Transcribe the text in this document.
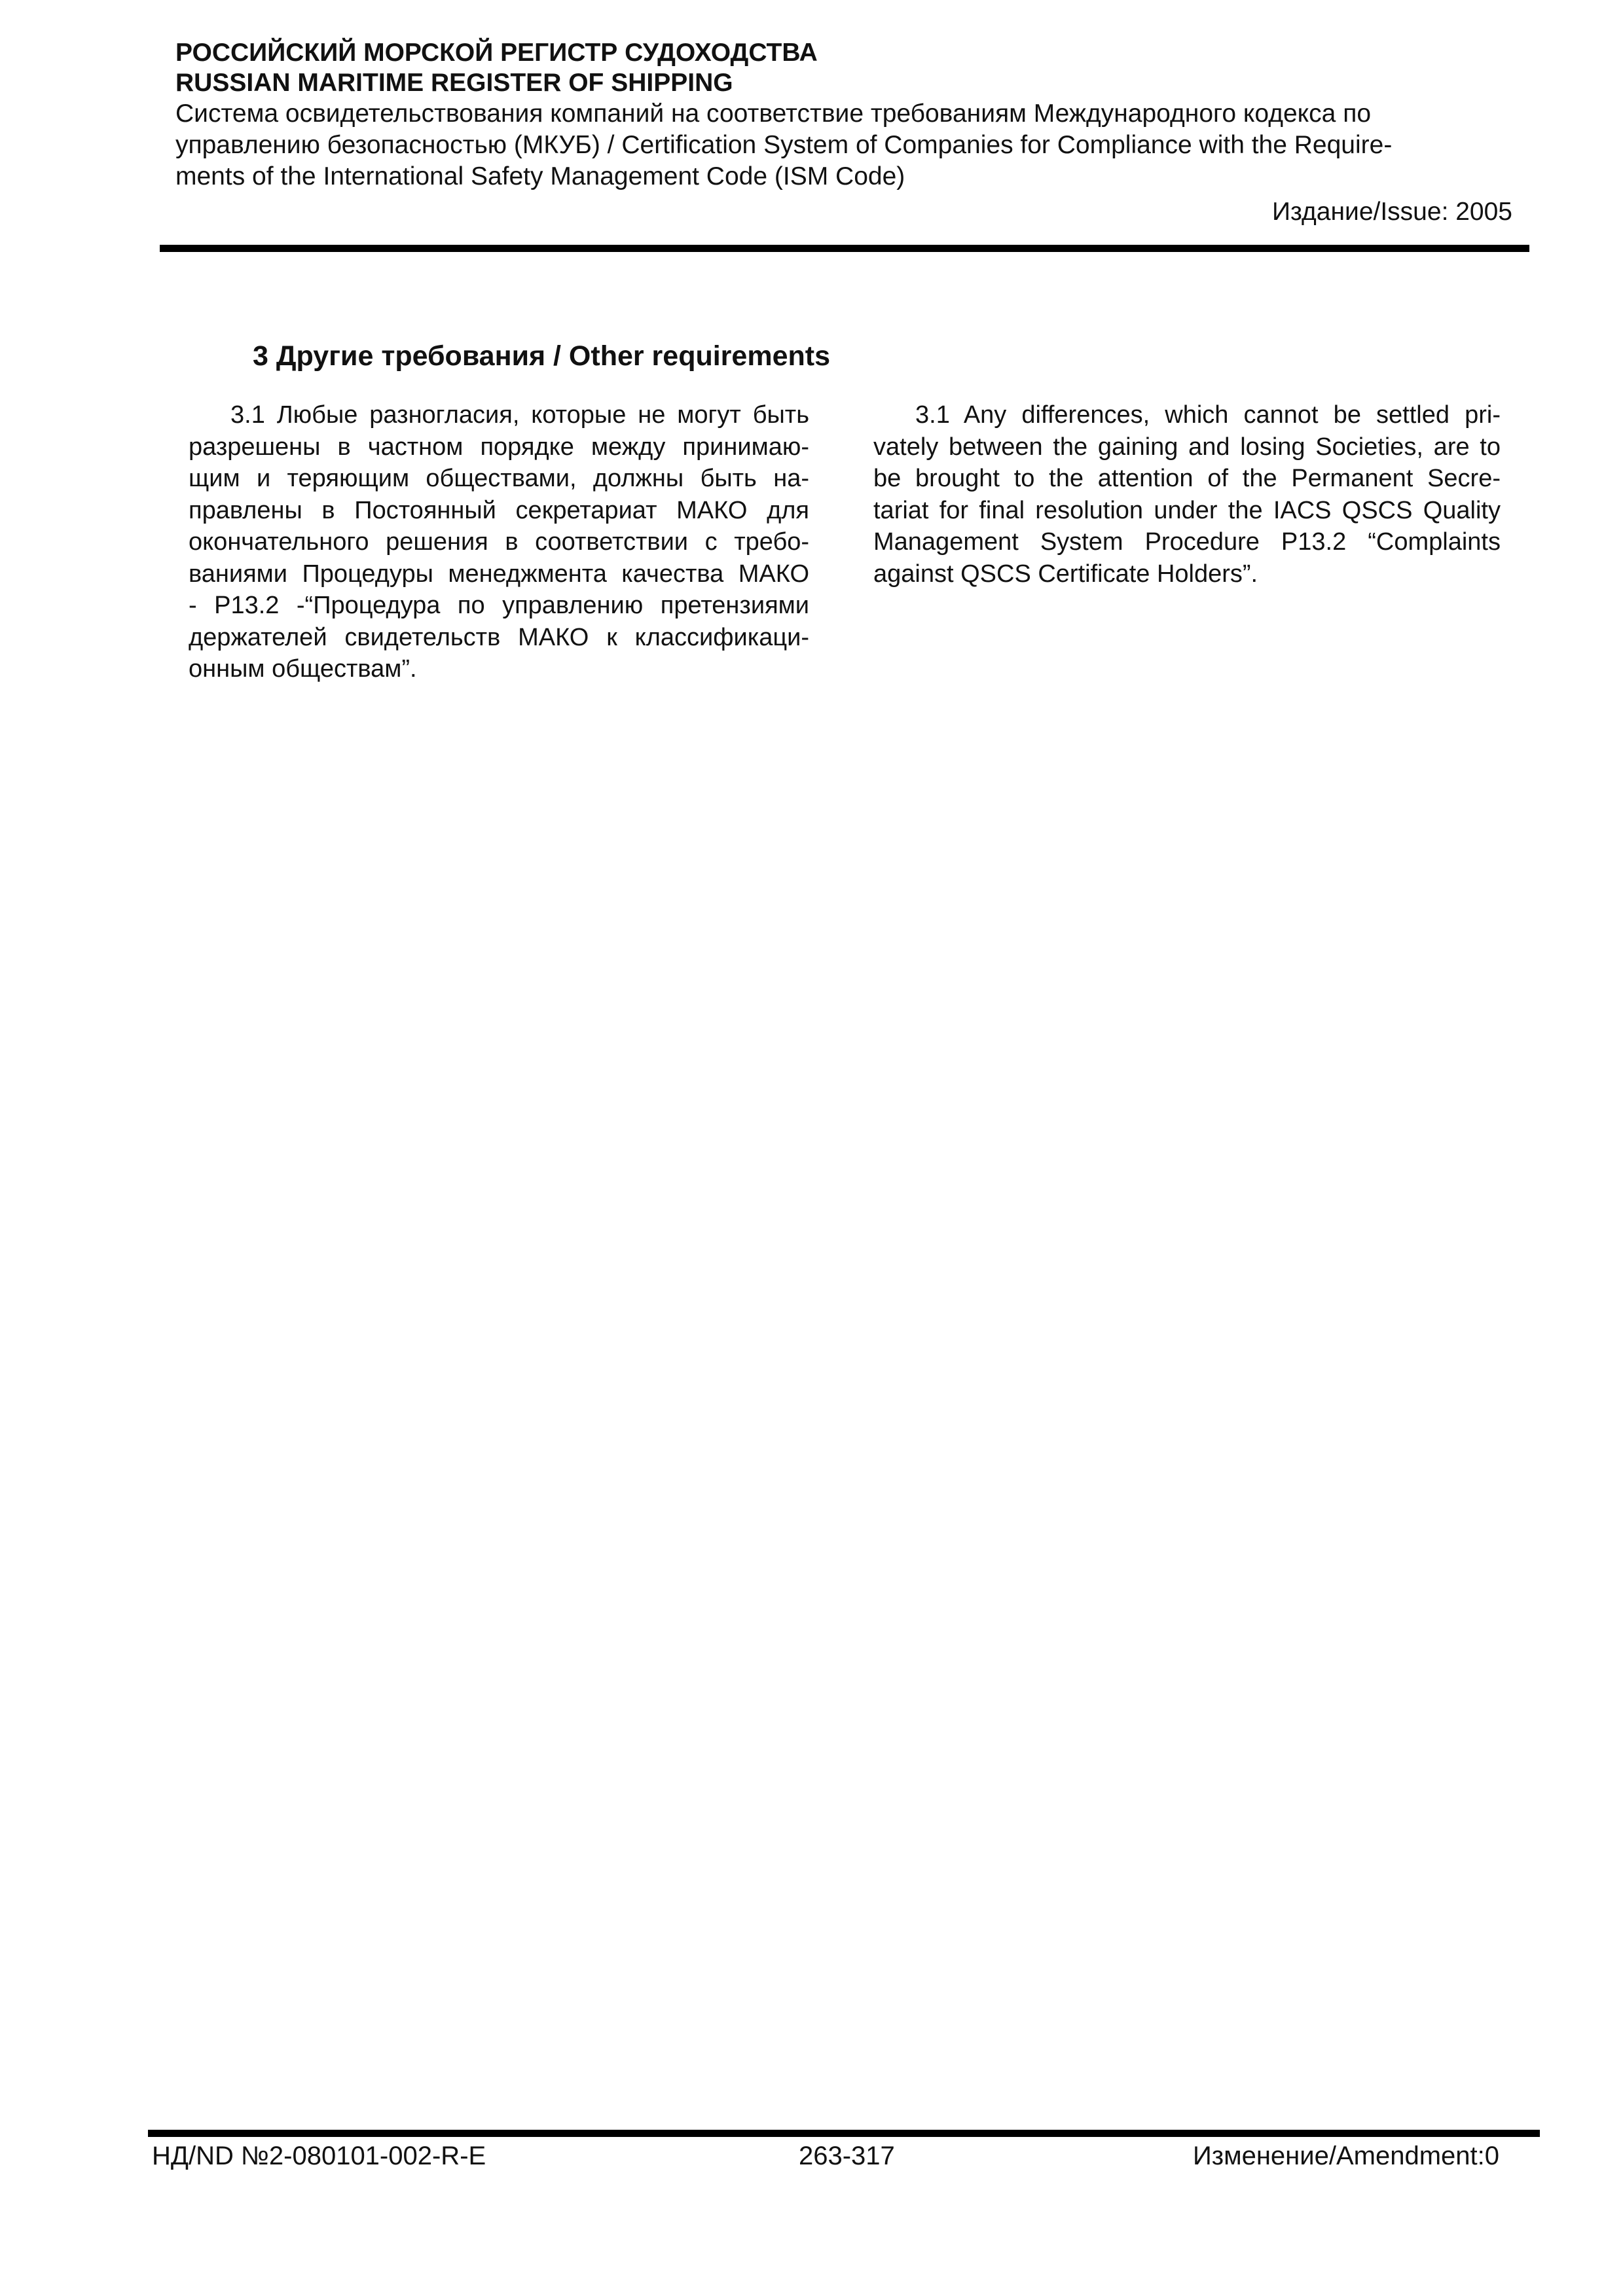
РОССИЙСКИЙ МОРСКОЙ РЕГИСТР СУДОХОДСТВА

RUSSIAN MARITIME REGISTER OF SHIPPING

Система освидетельствования компаний на соответствие требованиям Международного кодекса по

управлению безопасностью (МКУБ) / Certification System of Companies for Compliance with the Require-

ments of the International Safety Management Code (ISM Code)

Издание/Issue: 2005
3 Другие требования / Other requirements

3.1 Любые разногласия, которые не могут быть
разрешены в частном порядке между принимаю-
щим и теряющим обществами, должны быть на-
правлены в Постоянный секретариат МАКО для
окончательного решения в соответствии с требо-
ваниями Процедуры менеджмента качества МАКО
- Р13.2 -“Процедура по управлению претензиями
держателей свидетельств МАКО к классификаци-
онным обществам”.

3.1 Any differences, which cannot be settled pri-
vately between the gaining and losing Societies, are to
be brought to the attention of the Permanent Secre-
tariat for final resolution under the IACS QSCS Quality
Management System Procedure P13.2 “Complaints
against QSCS Certificate Holders”.

НД/ND №2-080101-002-R-E	263-317	Изменение/Amendment:0
